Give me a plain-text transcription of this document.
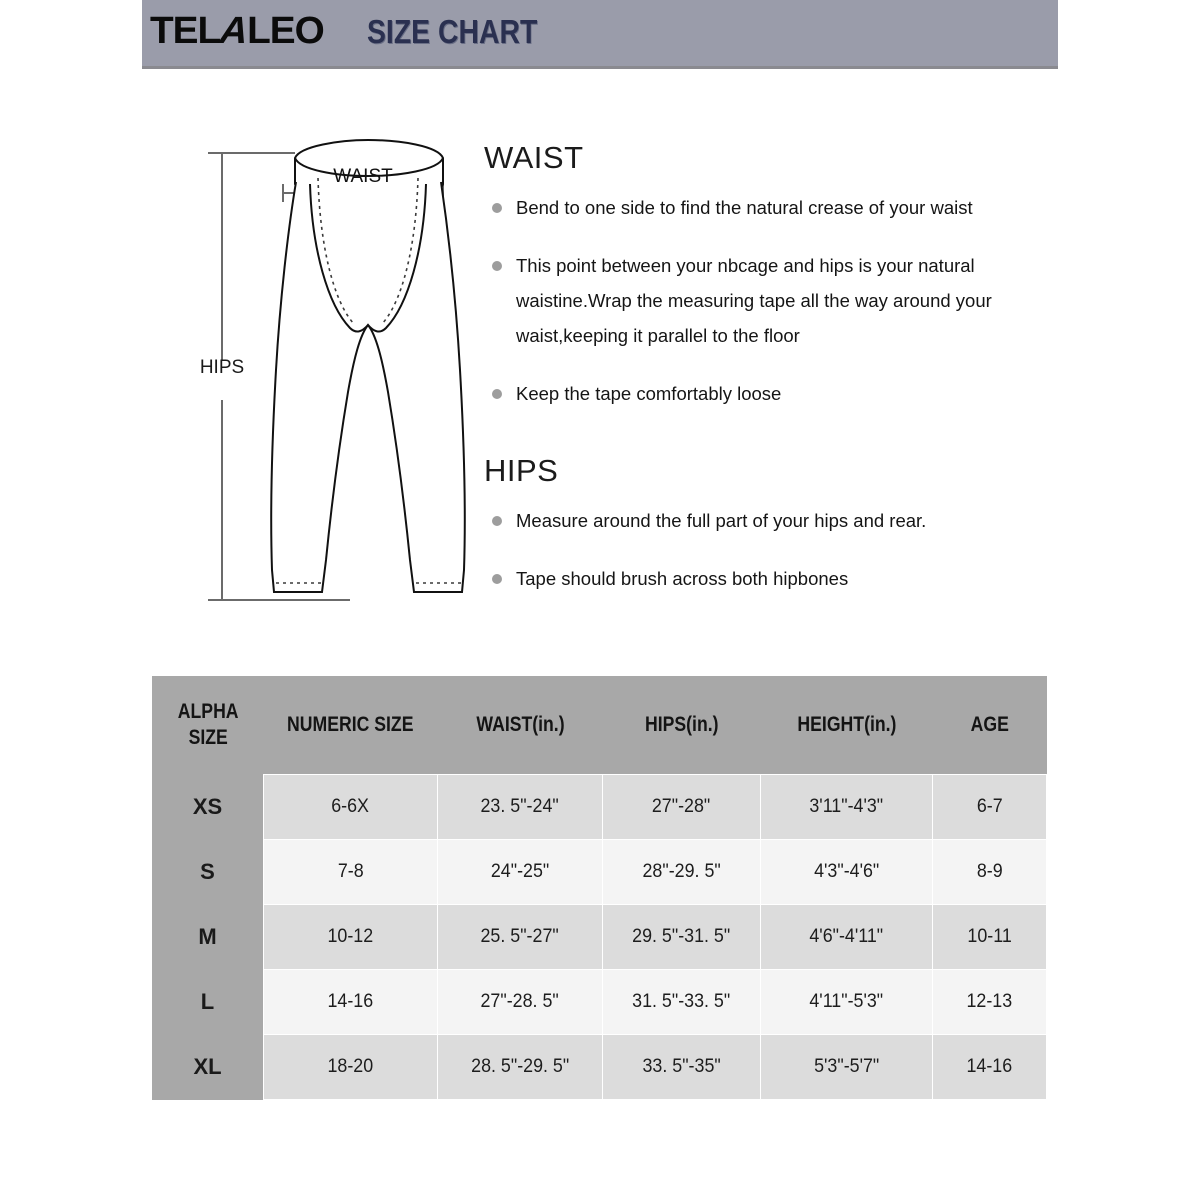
TELALEO SIZE CHART
HIPS
WAIST
WAIST
Bend to one side to find the natural crease of your waist
This point between your nbcage and hips is your natural waistine.Wrap the measuring tape all the way around your waist,keeping it parallel to the floor
Keep the tape comfortably loose
HIPS
Measure around the full part of your hips and rear.
Tape should brush across both hipbones
ALPHA
SIZE	NUMERIC SIZE	WAIST(in.)	HIPS(in.)	HEIGHT(in.)	AGE
XS	6-6X	23. 5"-24"	27"-28"	3'11"-4'3"	6-7
S	7-8	24"-25"	28"-29. 5"	4'3"-4'6"	8-9
M	10-12	25. 5"-27"	29. 5"-31. 5"	4'6"-4'11"	10-11
L	14-16	27"-28. 5"	31. 5"-33. 5"	4'11"-5'3"	12-13
XL	18-20	28. 5"-29. 5"	33. 5"-35"	5'3"-5'7"	14-16
